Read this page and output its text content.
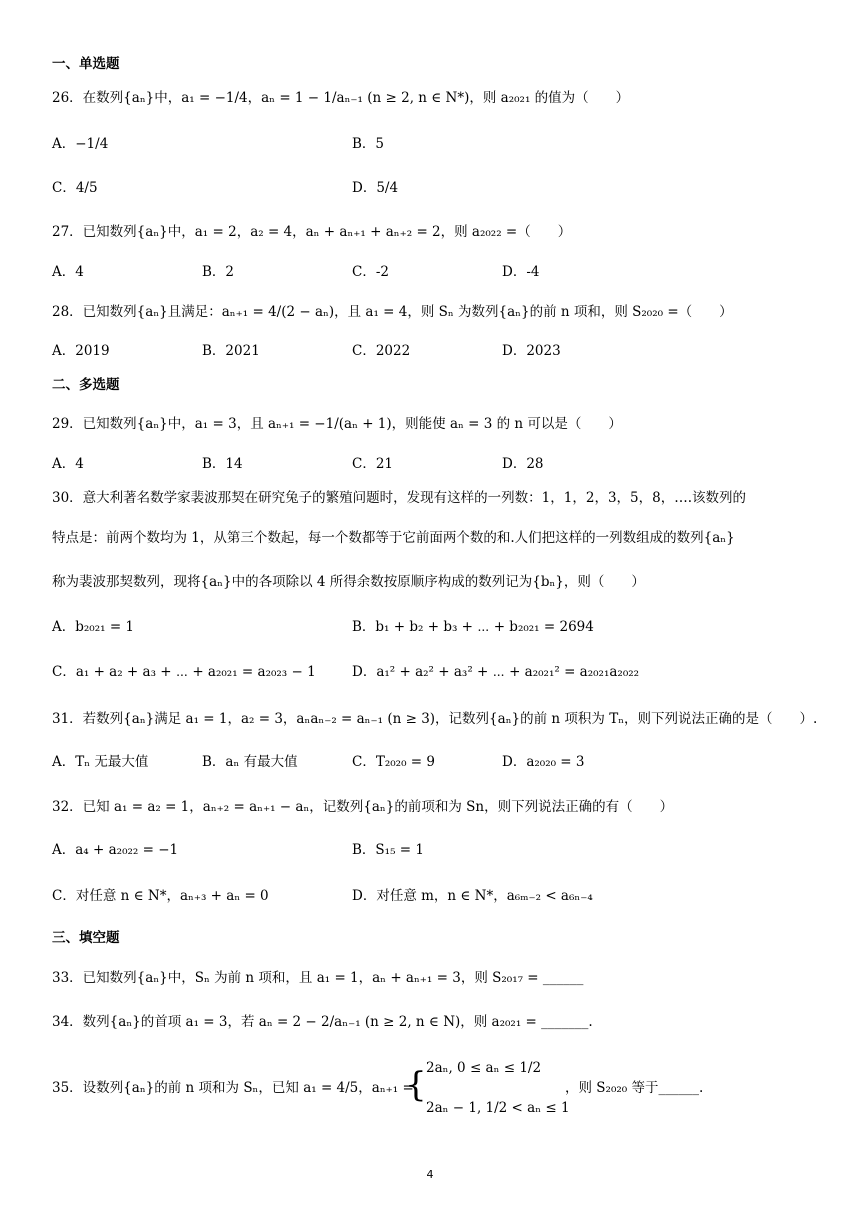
一、单选题
26．在数列{aₙ}中，a₁ = −1/4，aₙ = 1 − 1/aₙ₋₁ (n ≥ 2, n ∈ N*)，则 a₂₀₂₁ 的值为（　　）
A．−1/4	B．5
C．4/5	D．5/4
27．已知数列{aₙ}中，a₁ = 2，a₂ = 4，aₙ + aₙ₊₁ + aₙ₊₂ = 2，则 a₂₀₂₂ =（　　）
A．4	B．2	C．-2	D．-4
28．已知数列{aₙ}且满足：aₙ₊₁ = 4/(2 − aₙ)，且 a₁ = 4，则 Sₙ 为数列{aₙ}的前 n 项和，则 S₂₀₂₀ =（　　）
A．2019	B．2021	C．2022	D．2023
二、多选题
29．已知数列{aₙ}中，a₁ = 3，且 aₙ₊₁ = −1/(aₙ + 1)，则能使 aₙ = 3 的 n 可以是（　　）
A．4	B．14	C．21	D．28
30．意大利著名数学家裴波那契在研究兔子的繁殖问题时，发现有这样的一列数：1，1，2，3，5，8，….该数列的
特点是：前两个数均为 1，从第三个数起，每一个数都等于它前面两个数的和.人们把这样的一列数组成的数列{aₙ}
称为裴波那契数列，现将{aₙ}中的各项除以 4 所得余数按原顺序构成的数列记为{bₙ}，则（　　）
A．b₂₀₂₁ = 1	B．b₁ + b₂ + b₃ + ⋯ + b₂₀₂₁ = 2694
C．a₁ + a₂ + a₃ + ⋯ + a₂₀₂₁ = a₂₀₂₃ − 1	D．a₁² + a₂² + a₃² + ⋯ + a₂₀₂₁² = a₂₀₂₁a₂₀₂₂
31．若数列{aₙ}满足 a₁ = 1，a₂ = 3，aₙaₙ₋₂ = aₙ₋₁ (n ≥ 3)，记数列{aₙ}的前 n 项积为 Tₙ，则下列说法正确的是（　　）.
A．Tₙ 无最大值	B．aₙ 有最大值	C．T₂₀₂₀ = 9	D．a₂₀₂₀ = 3
32．已知 a₁ = a₂ = 1，aₙ₊₂ = aₙ₊₁ − aₙ，记数列{aₙ}的前项和为 Sn，则下列说法正确的有（　　）
A．a₄ + a₂₀₂₂ = −1	B．S₁₅ = 1
C．对任意 n ∈ N*，aₙ₊₃ + aₙ = 0	D．对任意 m，n ∈ N*，a₆ₘ₋₂ < a₆ₙ₋₄
三、填空题
33．已知数列{aₙ}中，Sₙ 为前 n 项和，且 a₁ = 1，aₙ + aₙ₊₁ = 3，则 S₂₀₁₇ = ______
34．数列{aₙ}的首项 a₁ = 3，若 aₙ = 2 − 2/aₙ₋₁ (n ≥ 2, n ∈ N)，则 a₂₀₂₁ = _______.
35．设数列{aₙ}的前 n 项和为 Sₙ，已知 a₁ = 4/5，aₙ₊₁ =
{ 2aₙ, 0 ≤ aₙ ≤ 1/2
2aₙ − 1, 1/2 < aₙ ≤ 1
，则 S₂₀₂₀ 等于______.
4
